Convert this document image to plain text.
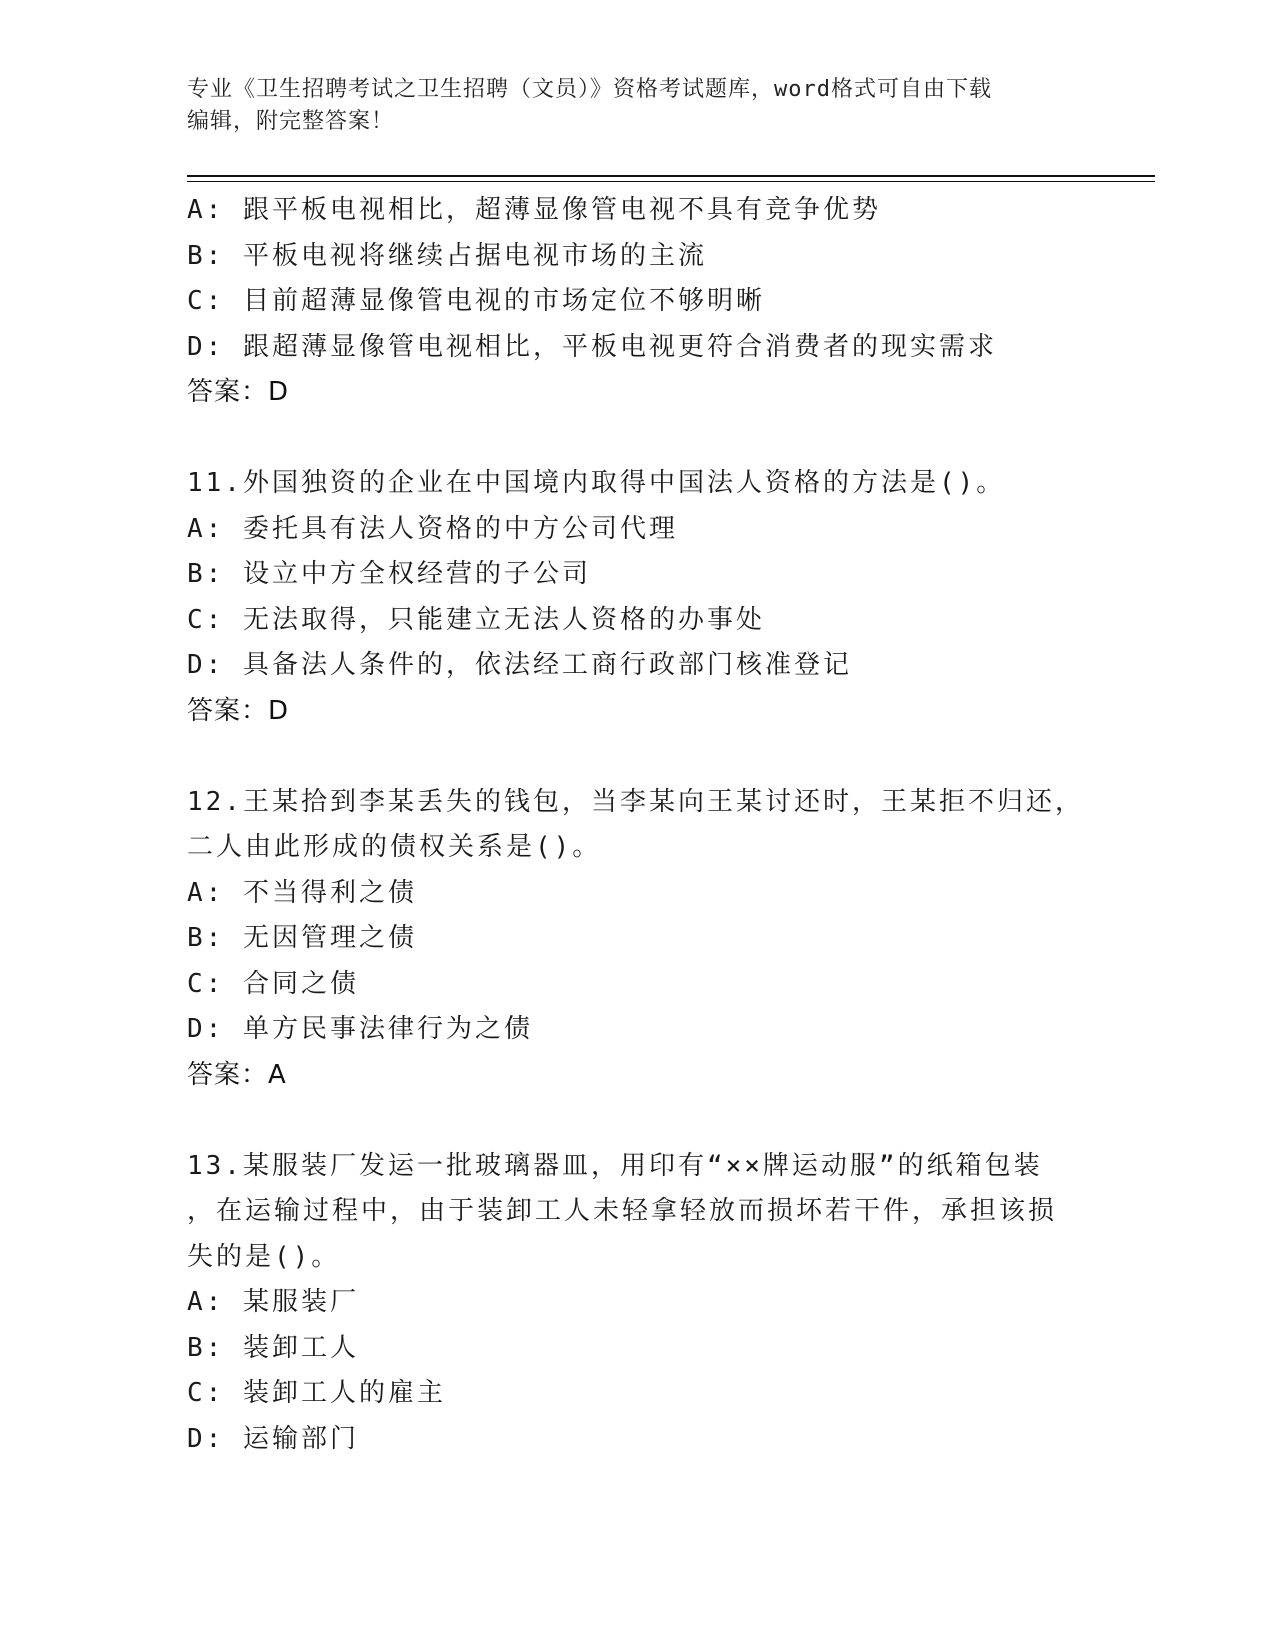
专业《卫生招聘考试之卫生招聘（文员）》资格考试题库，word格式可自由下载
编辑，附完整答案！
A: 跟平板电视相比，超薄显像管电视不具有竞争优势
B: 平板电视将继续占据电视市场的主流
C: 目前超薄显像管电视的市场定位不够明晰
D: 跟超薄显像管电视相比，平板电视更符合消费者的现实需求
答案：D
11.外国独资的企业在中国境内取得中国法人资格的方法是()。
A: 委托具有法人资格的中方公司代理
B: 设立中方全权经营的子公司
C: 无法取得，只能建立无法人资格的办事处
D: 具备法人条件的，依法经工商行政部门核准登记
答案：D
12.王某拾到李某丢失的钱包，当李某向王某讨还时，王某拒不归还，
二人由此形成的债权关系是()。
A: 不当得利之债
B: 无因管理之债
C: 合同之债
D: 单方民事法律行为之债
答案：A
13.某服装厂发运一批玻璃器皿，用印有“××牌运动服”的纸箱包装
，在运输过程中，由于装卸工人未轻拿轻放而损坏若干件，承担该损
失的是()。
A: 某服装厂
B: 装卸工人
C: 装卸工人的雇主
D: 运输部门
